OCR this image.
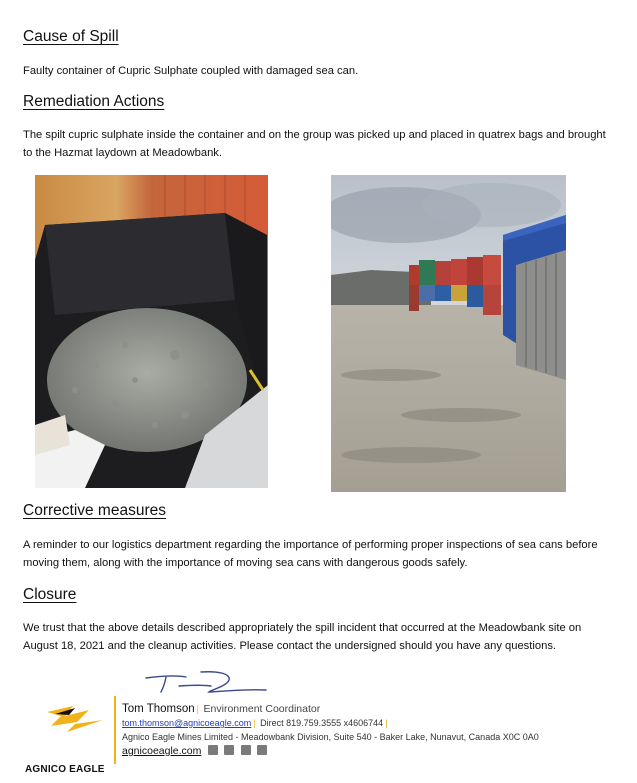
Cause of Spill

Faulty container of Cupric Sulphate coupled with damaged sea can.

Remediation Actions

The spilt cupric sulphate inside the container and on the group was picked up and placed in quatrex bags and brought to the Hazmat laydown at Meadowbank.

Corrective measures

A reminder to our logistics department regarding the importance of performing proper inspections of sea cans before moving them, along with the importance of moving sea cans with dangerous goods safely.

Closure

We trust that the above details described appropriately the spill incident that occurred at the Meadowbank site on August 18, 2021 and the cleanup activities. Please contact the undersigned should you have any questions.

AGNICO EAGLE
Tom Thomson | Environment Coordinator
tom.thomson@agnicoeagle.com | Direct 819.759.3555 x4606744 |
Agnico Eagle Mines Limited - Meadowbank Division, Suite 540 - Baker Lake, Nunavut, Canada X0C 0A0
agnicoeagle.com
